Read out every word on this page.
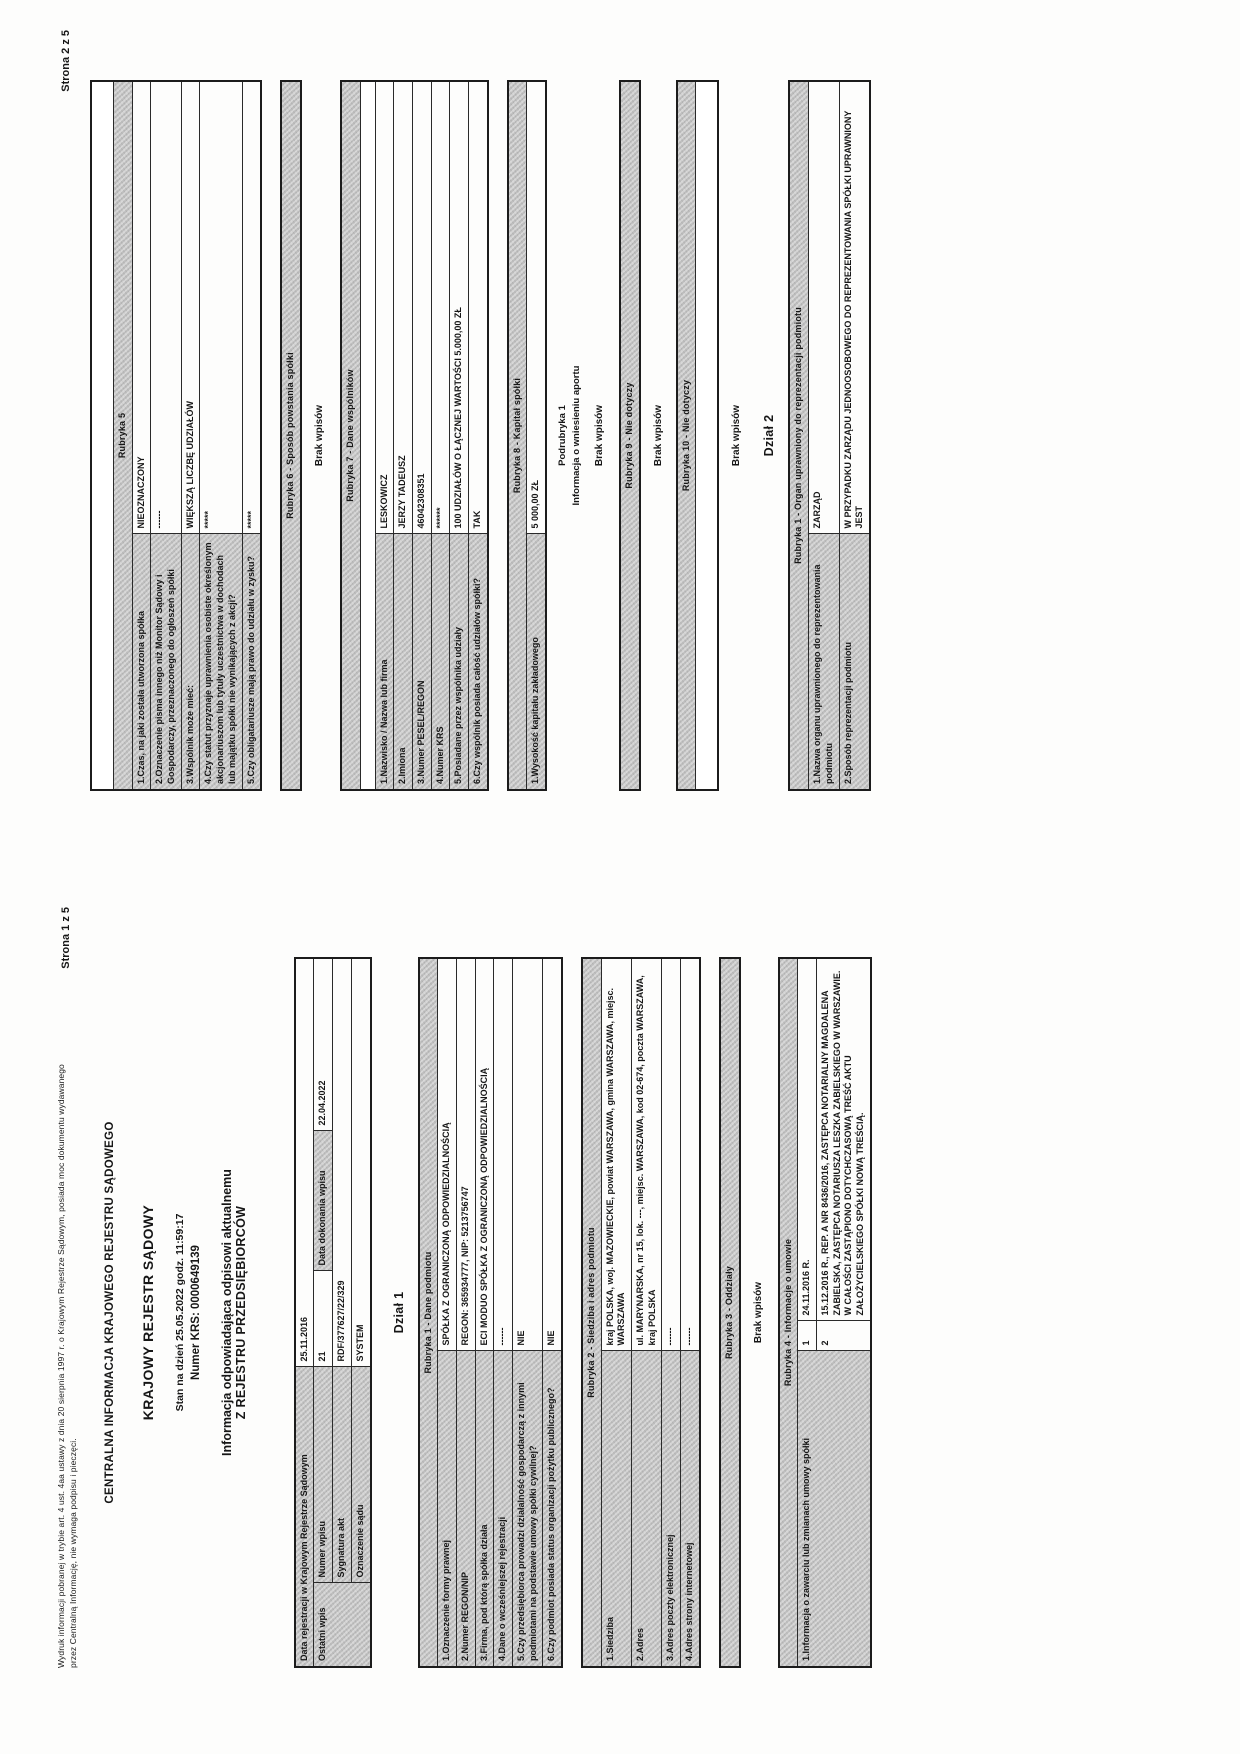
Strona 2 z 5

Rubryka 5	
1.Czas, na jaki została utworzona spółka	NIEOZNACZONY
2.Oznaczenie pisma innego niż Monitor Sądowy i Gospodarczy, przeznaczonego do ogłoszeń spółki	------
3.Wspólnik może mieć:	WIĘKSZĄ LICZBĘ UDZIAŁÓW
4.Czy statut przyznaje uprawnienia osobiste określonym akcjonariuszom lub tytuły uczestnictwa w dochodach lub majątku spółki nie wynikających z akcji?	*****
5.Czy obligatariusze mają prawo do udziału w zysku?	*****
Rubryka 6 - Sposób powstania spółki Brak wpisów Rubryka 7 - Dane wspólników	

1.Nazwisko / Nazwa lub firma	LESKOWICZ
2.Imiona	JERZY TADEUSZ
3.Numer PESEL/REGON	46042308351
4.Numer KRS	******
5.Posiadane przez wspólnika udziały	100 UDZIAŁÓW O ŁĄCZNEJ WARTOŚCI 5.000,00 ZŁ
6.Czy wspólnik posiada całość udziałów spółki?	TAK
Rubryka 8 - Kapitał spółki
1.Wysokość kapitału zakładowego	5 000,00 ZŁ
Podrubryka 1 Informacja o wniesieniu aportu Brak wpisów Rubryka 9 - Nie dotyczy Brak wpisów Rubryka 10 - Nie dotyczy	Brak wpisów Dział 2 Rubryka 1 - Organ uprawniony do reprezentacji podmiotu	
1.Nazwa organu uprawnionego do reprezentowania podmiotu	ZARZĄD
2.Sposób reprezentacji podmiotu	W PRZYPADKU ZARZĄDU JEDNOOSOBOWEGO DO REPREZENTOWANIA SPÓŁKI UPRAWNIONY JEST
Strona 1 z 5
Wydruk informacji pobranej w trybie art. 4 ust. 4aa ustawy z dnia 20 sierpnia 1997 r. o Krajowym Rejestrze Sądowym, posiada moc dokumentu wydawanego przez Centralną Informację, nie wymaga podpisu i pieczęci.
CENTRALNA INFORMACJA KRAJOWEGO REJESTRU SĄDOWEGO KRAJOWY REJESTR SĄDOWY Stan na dzień 25.05.2022 godz. 11:59:17 Numer KRS: 0000649139 Informacja odpowiadająca odpisowi aktualnemu Z REJESTRU PRZEDSIĘBIORCÓW
Data rejestracji w Krajowym Rejestrze Sądowym		25.11.2016		
Ostatni wpis	Numer wpisu	21	Data dokonania wpisu	22.04.2022
	Sygnatura akt	RDF/377627/22/329		
	Oznaczenie sądu	SYSTEM		
Dział 1 Rubryka 1 - Dane podmiotu	
1.Oznaczenie formy prawnej	SPÓŁKA Z OGRANICZONĄ ODPOWIEDZIALNOŚCIĄ
2.Numer REGON/NIP	REGON: 365934777, NIP: 5213756747
3.Firma, pod którą spółka działa	ECI MODUO SPÓŁKA Z OGRANICZONĄ ODPOWIEDZIALNOŚCIĄ
4.Dane o wcześniejszej rejestracji	------
5.Czy przedsiębiorca prowadzi działalność gospodarczą z innymi podmiotami na podstawie umowy spółki cywilnej?	NIE
6.Czy podmiot posiada status organizacji pożytku publicznego?	NIE	Rubryka 2 - Siedziba i adres podmiotu	
1.Siedziba	kraj POLSKA, woj. MAZOWIECKIE, powiat WARSZAWA, gmina WARSZAWA, miejsc. WARSZAWA
2.Adres	ul. MARYNARSKA, nr 15, lok. ---, miejsc. WARSZAWA, kod 02-674, poczta WARSZAWA, kraj POLSKA
3.Adres poczty elektronicznej	------
4.Adres strony internetowej	------	Rubryka 3 - Oddziały Brak wpisów Rubryka 4 - Informacje o umowie		
1.Informacja o zawarciu lub zmianach umowy spółki	1	24.11.2016 R.
	2	15.12.2016 R., REP. A NR 8436/2016, ZASTĘPCA NOTARIALNY MAGDALENA ZABIELSKA, ZASTĘPCA NOTARIUSZA LESZKA ZABIELSKIEGO W WARSZAWIE. W CAŁOŚCI ZASTĄPIONO DOTYCHCZASOWĄ TREŚĆ AKTU ZAŁOŻYCIELSKIEGO SPÓŁKI NOWĄ TREŚCIĄ.
